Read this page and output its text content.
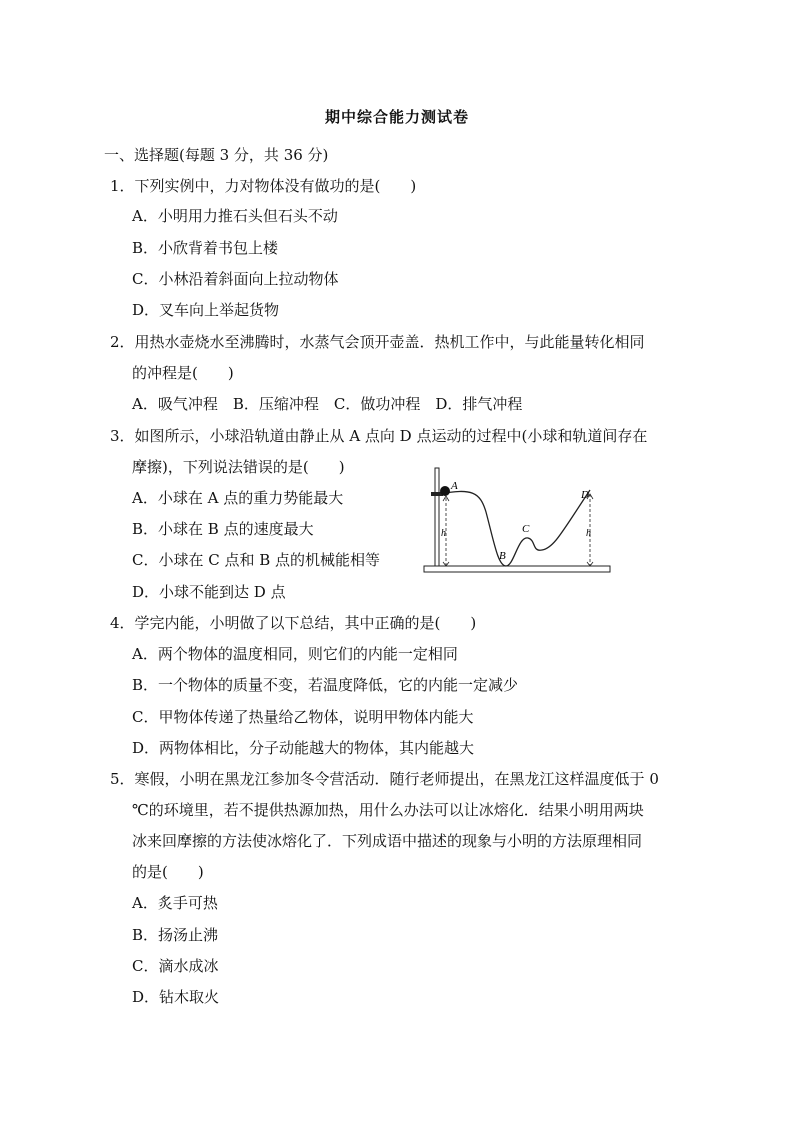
期中综合能力测试卷
一、选择题(每题 3 分，共 36 分)
1．下列实例中，力对物体没有做功的是(　　)
A．小明用力推石头但石头不动
B．小欣背着书包上楼
C．小林沿着斜面向上拉动物体
D．叉车向上举起货物
2．用热水壶烧水至沸腾时，水蒸气会顶开壶盖．热机工作中，与此能量转化相同
的冲程是(　　)
A．吸气冲程　B．压缩冲程　C．做功冲程　D．排气冲程
3．如图所示，小球沿轨道由静止从 A 点向 D 点运动的过程中(小球和轨道间存在
摩擦)，下列说法错误的是(　　)
A．小球在 A 点的重力势能最大
B．小球在 B 点的速度最大
C．小球在 C 点和 B 点的机械能相等
D．小球不能到达 D 点
A
B
C
D
h	h
4．学完内能，小明做了以下总结，其中正确的是(　　)
A．两个物体的温度相同，则它们的内能一定相同
B．一个物体的质量不变，若温度降低，它的内能一定减少
C．甲物体传递了热量给乙物体，说明甲物体内能大
D．两物体相比，分子动能越大的物体，其内能越大
5．寒假，小明在黑龙江参加冬令营活动．随行老师提出，在黑龙江这样温度低于 0
℃的环境里，若不提供热源加热，用什么办法可以让冰熔化．结果小明用两块
冰来回摩擦的方法使冰熔化了．下列成语中描述的现象与小明的方法原理相同
的是(　　)
A．炙手可热
B．扬汤止沸
C．滴水成冰
D．钻木取火
